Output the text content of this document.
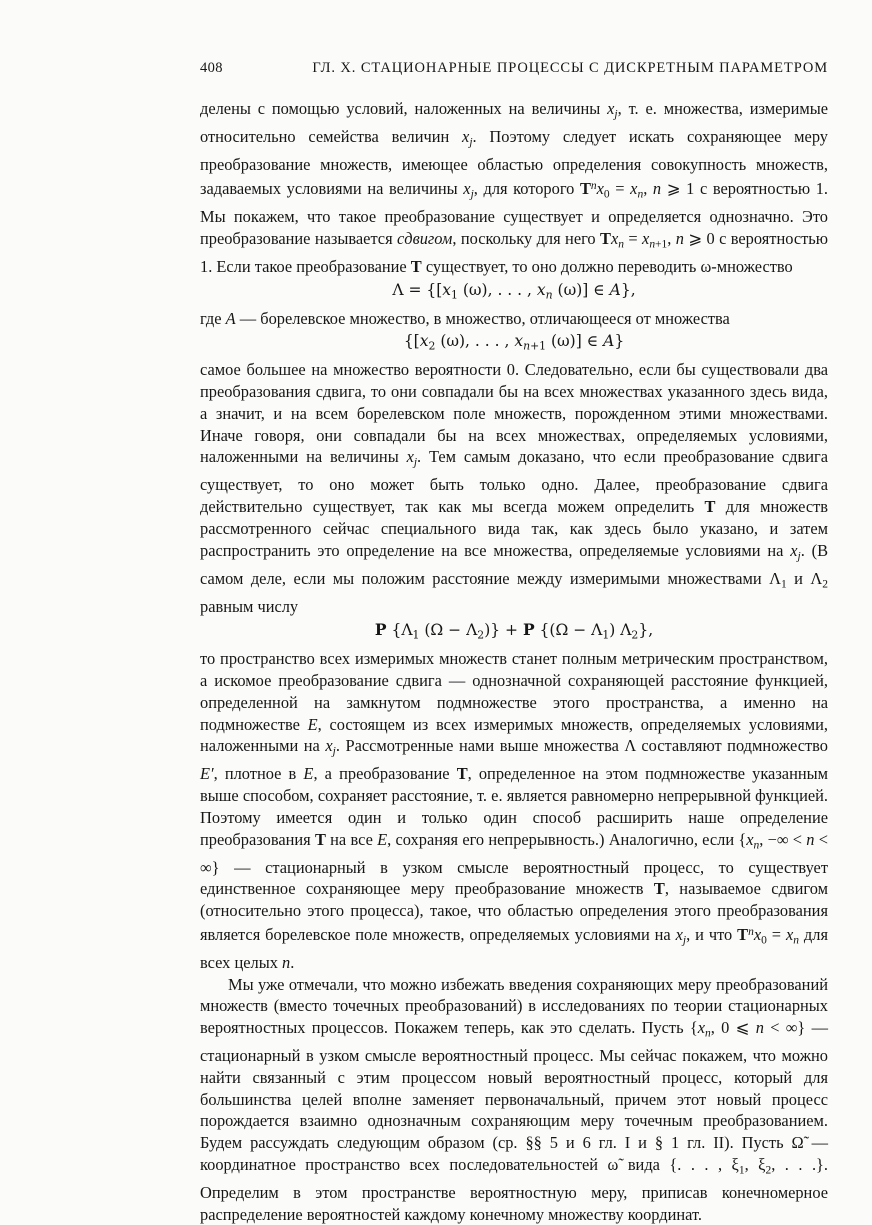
408	ГЛ. X. СТАЦИОНАРНЫЕ ПРОЦЕССЫ С ДИСКРЕТНЫМ ПАРАМЕТРОМ

делены с помощью условий, наложенных на величины $x_j$, т. е. множества, измеримые относительно семейства величин $x_j$. Поэтому следует искать сохраняющее меру преобразование множеств, имеющее областью определения совокупность множеств, задаваемых условиями на величины $x_j$, для которого $T^nx_0 = x_n$, n ⩾ 1 с вероятностью 1. Мы покажем, что такое преобразование существует и определяется однозначно. Это преобразование называется сдвигом, поскольку для него $Tx_n = x_{n+1}$, n ⩾ 0 с вероятностью 1. Если такое преобразование T существует, то оно должно переводить ω-множество

$\Lambda = \{[x_1$ (ω), . . . , $x_n$ (ω)] ∈ A},

где A — борелевское множество, в множество, отличающееся от множества

{[$x_2$ (ω), . . . , $x_{n+1}$ (ω)] ∈ A}

самое большее на множество вероятности 0. Следовательно, если бы существовали два преобразования сдвига, то они совпадали бы на всех множествах указанного здесь вида, а значит, и на всем борелевском поле множеств, порожденном этими множествами. Иначе говоря, они совпадали бы на всех множествах, определяемых условиями, наложенными на величины $x_j$. Тем самым доказано, что если преобразование сдвига существует, то оно может быть только одно. Далее, преобразование сдвига действительно существует, так как мы всегда можем определить T для множеств рассмотренного сейчас специального вида так, как здесь было указано, и затем распространить это определение на все множества, определяемые условиями на $x_j$. (В самом деле, если мы положим расстояние между измеримыми множествами $\Lambda_1$ и $\Lambda_2$ равным числу

P {$\Lambda_1$ $(\Omega - \Lambda_2)\} + P$ {$(\Omega - \Lambda_1)$ $\Lambda_2$},

то пространство всех измеримых множеств станет полным метрическим пространством, а искомое преобразование сдвига — однозначной сохраняющей расстояние функцией, определенной на замкнутом подмножестве этого пространства, а именно на подмножестве E, состоящем из всех измеримых множеств, определяемых условиями, наложенными на $x_j$. Рассмотренные нами выше множества Λ составляют подмножество E′, плотное в E, а преобразование T, определенное на этом подмножестве указанным выше способом, сохраняет расстояние, т. е. является равномерно непрерывной функцией. Поэтому имеется один и только один способ расширить наше определение преобразования T на все E, сохраняя его непрерывность.) Аналогично, если {$x_n$, −∞ < n < ∞} — стационарный в узком смысле вероятностный процесс, то существует единственное сохраняющее меру преобразование множеств T, называемое сдвигом (относительно этого процесса), такое, что областью определения этого преобразования является борелевское поле множеств, определяемых условиями на $x_j$, и что $T^nx_0 = x_n$ для всех целых n.

Мы уже отмечали, что можно избежать введения сохраняющих меру преобразований множеств (вместо точечных преобразований) в исследованиях по теории стационарных вероятностных процессов. Покажем теперь, как это сделать. Пусть {$x_n$, 0 ⩽ n < ∞} — стационарный в узком смысле вероятностный процесс. Мы сейчас покажем, что можно найти связанный с этим процессом новый вероятностный процесс, который для большинства целей вполне заменяет первоначальный, причем этот новый процесс порождается взаимно однозначным сохраняющим меру точечным преобразованием. Будем рассуждать следующим образом (ср. §§ 5 и 6 гл. I и § 1 гл. II). Пусть Ω̃ — координатное пространство всех последовательностей ω̃ вида {. . . , $\xi_1$, $\xi_2$, . . .}. Определим в этом пространстве вероятностную меру, приписав конечномерное распределение вероятностей каждому конечному множеству координат.
